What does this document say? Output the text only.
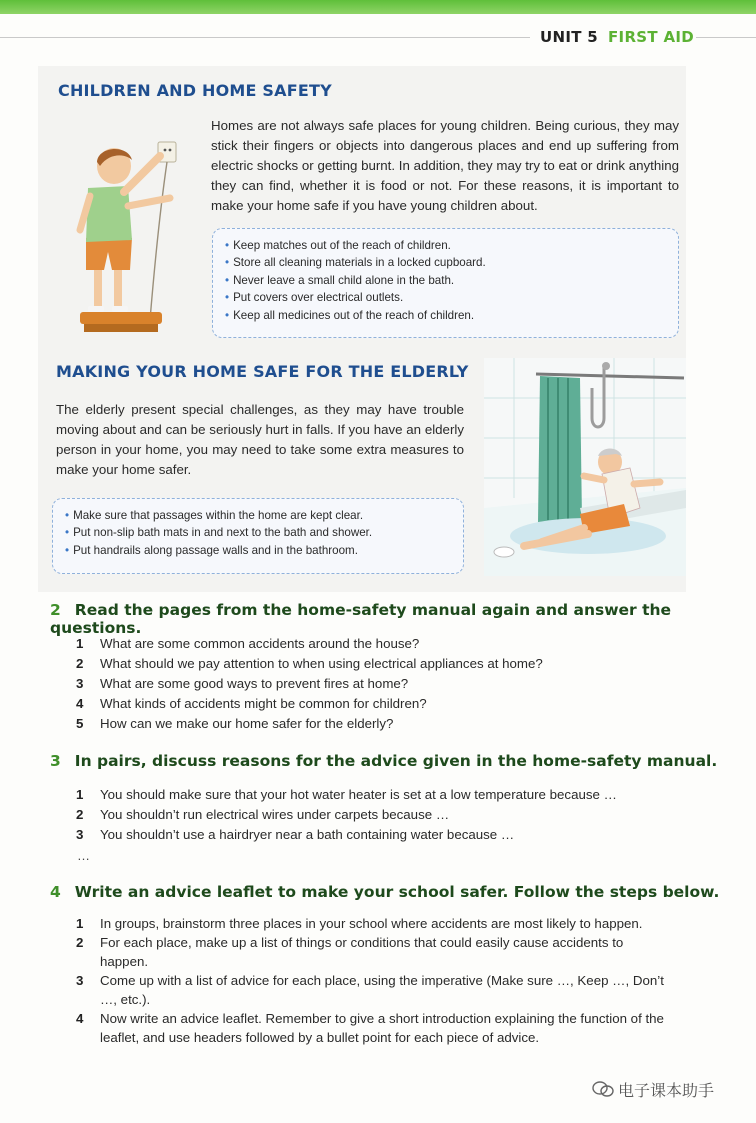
UNIT 5 FIRST AID
CHILDREN AND HOME SAFETY
Homes are not always safe places for young children. Being curious, they may stick their fingers or objects into dangerous places and end up suffering from electric shocks or getting burnt. In addition, they may try to eat or drink anything they can find, whether it is food or not. For these reasons, it is important to make your home safe if you have young children about.
• Keep matches out of the reach of children.
• Store all cleaning materials in a locked cupboard.
• Never leave a small child alone in the bath.
• Put covers over electrical outlets.
• Keep all medicines out of the reach of children.
MAKING YOUR HOME SAFE FOR THE ELDERLY
The elderly present special challenges, as they may have trouble moving about and can be seriously hurt in falls. If you have an elderly person in your home, you may need to take some extra measures to make your home safer.
• Make sure that passages within the home are kept clear.
• Put non-slip bath mats in and next to the bath and shower.
• Put handrails along passage walls and in the bathroom.
2 Read the pages from the home-safety manual again and answer the questions.
1 What are some common accidents around the house?
2 What should we pay attention to when using electrical appliances at home?
3 What are some good ways to prevent fires at home?
4 What kinds of accidents might be common for children?
5 How can we make our home safer for the elderly?
3 In pairs, discuss reasons for the advice given in the home-safety manual.
1 You should make sure that your hot water heater is set at a low temperature because …
2 You shouldn’t run electrical wires under carpets because …
3 You shouldn’t use a hairdryer near a bath containing water because …
…
4 Write an advice leaflet to make your school safer. Follow the steps below.
1 In groups, brainstorm three places in your school where accidents are most likely to happen.
2 For each place, make up a list of things or conditions that could easily cause accidents to happen.
3 Come up with a list of advice for each place, using the imperative (Make sure …, Keep …, Don’t …, etc.).
4 Now write an advice leaflet. Remember to give a short introduction explaining the function of the leaflet, and use headers followed by a bullet point for each piece of advice.
电子课本助手
